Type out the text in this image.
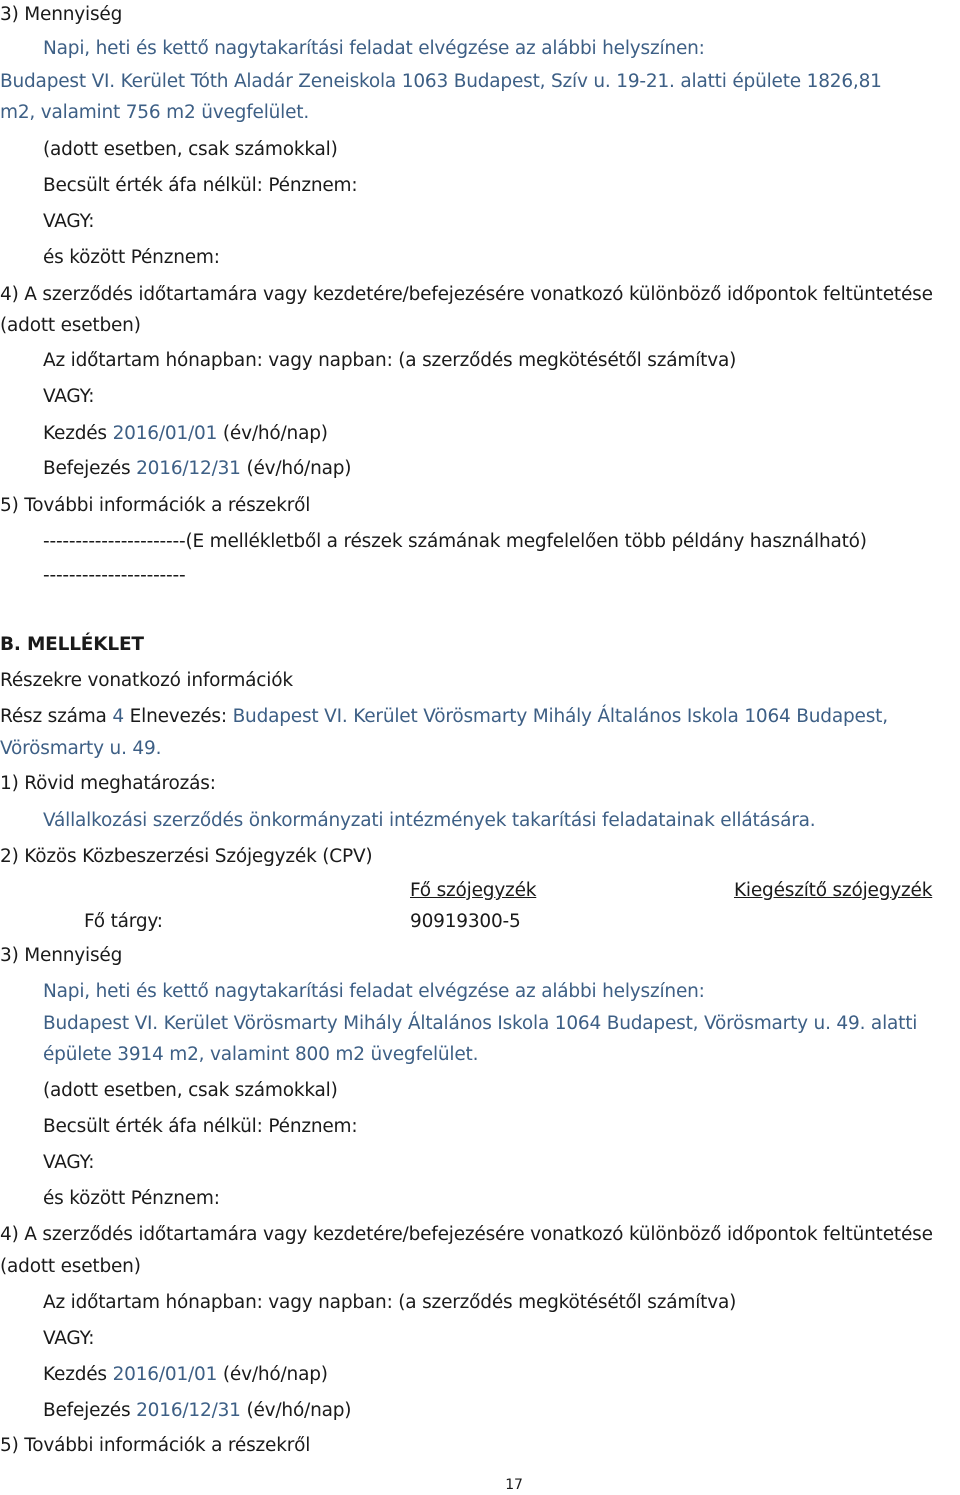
3) Mennyiség
Napi, heti és kettő nagytakarítási feladat elvégzése az alábbi helyszínen:
Budapest VI. Kerület Tóth Aladár Zeneiskola 1063 Budapest, Szív u. 19-21. alatti épülete 1826,81
m2, valamint 756 m2 üvegfelület.
(adott esetben, csak számokkal)
Becsült érték áfa nélkül: Pénznem:
VAGY:
és között Pénznem:
4) A szerződés időtartamára vagy kezdetére/befejezésére vonatkozó különböző időpontok feltüntetése
(adott esetben)
Az időtartam hónapban: vagy napban: (a szerződés megkötésétől számítva)
VAGY:
Kezdés 2016/01/01 (év/hó/nap)
Befejezés 2016/12/31 (év/hó/nap)
5) További információk a részekről
----------------------(E mellékletből a részek számának megfelelően több példány használható)
----------------------
B. MELLÉKLET
Részekre vonatkozó információk
Rész száma 4 Elnevezés: Budapest VI. Kerület Vörösmarty Mihály Általános Iskola 1064 Budapest,
Vörösmarty u. 49.
1) Rövid meghatározás:
Vállalkozási szerződés önkormányzati intézmények takarítási feladatainak ellátására.
2) Közös Közbeszerzési Szójegyzék (CPV)
Fő szójegyzék	Kiegészítő szójegyzék
Fő tárgy:	90919300-5
3) Mennyiség
Napi, heti és kettő nagytakarítási feladat elvégzése az alábbi helyszínen:
Budapest VI. Kerület Vörösmarty Mihály Általános Iskola 1064 Budapest, Vörösmarty u. 49. alatti
épülete 3914 m2, valamint 800 m2 üvegfelület.
(adott esetben, csak számokkal)
Becsült érték áfa nélkül: Pénznem:
VAGY:
és között Pénznem:
4) A szerződés időtartamára vagy kezdetére/befejezésére vonatkozó különböző időpontok feltüntetése
(adott esetben)
Az időtartam hónapban: vagy napban: (a szerződés megkötésétől számítva)
VAGY:
Kezdés 2016/01/01 (év/hó/nap)
Befejezés 2016/12/31 (év/hó/nap)
5) További információk a részekről
17
